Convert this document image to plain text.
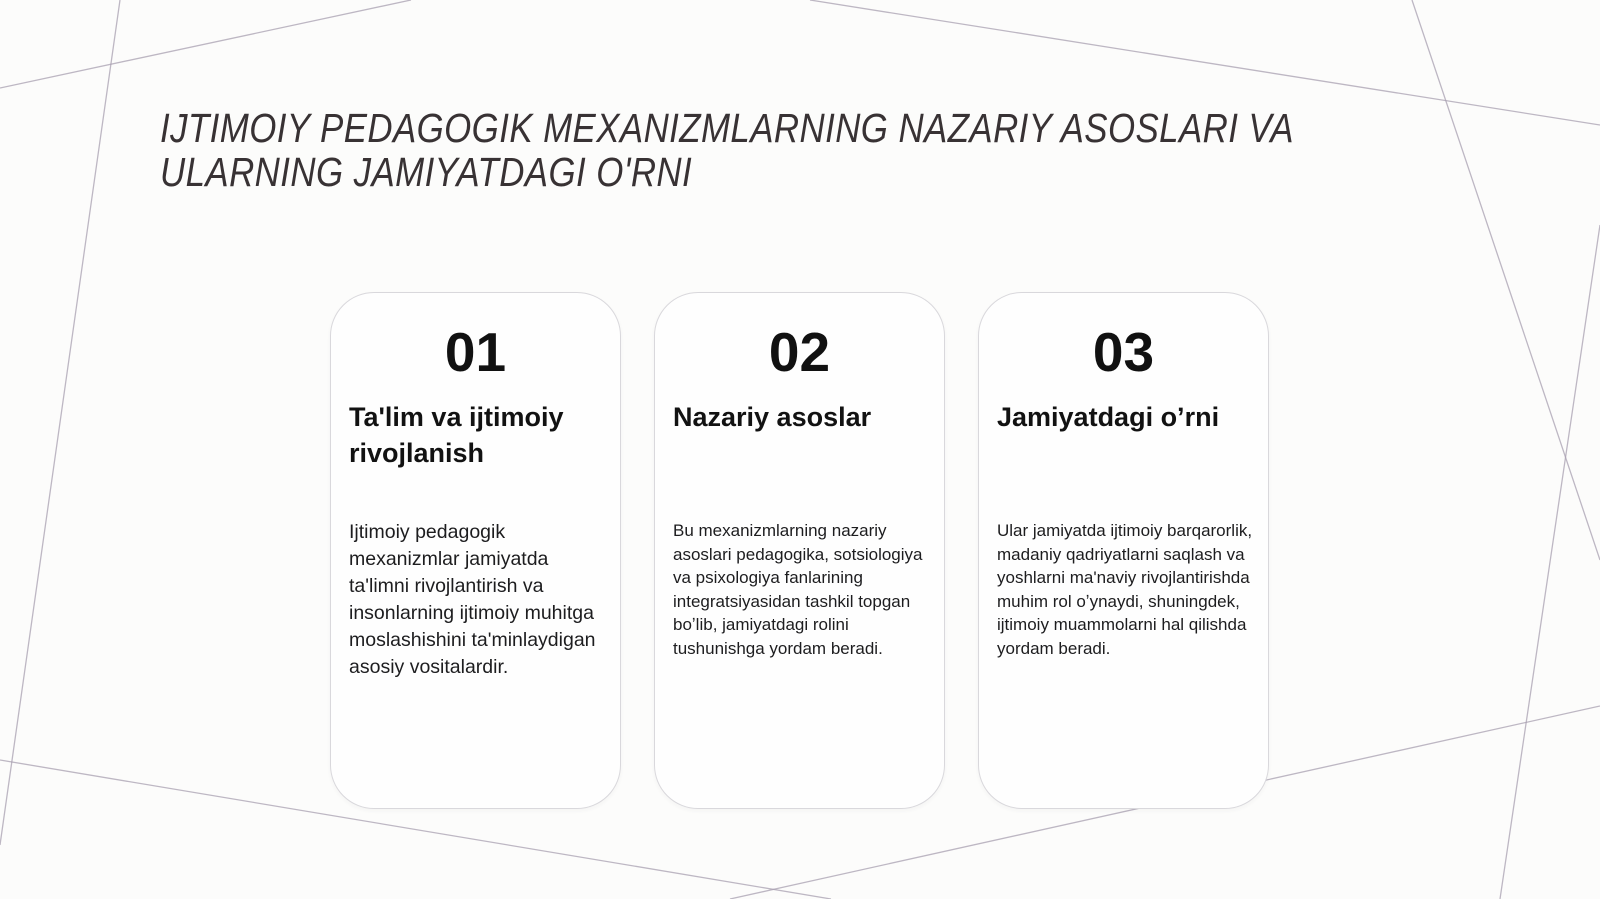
IJTIMOIY PEDAGOGIK MEXANIZMLARNING NAZARIY ASOSLARI VA
ULARNING JAMIYATDAGI O'RNI
01
Ta'lim va ijtimoiy rivojlanish
Ijtimoiy pedagogik mexanizmlar jamiyatda ta'limni rivojlantirish va insonlarning ijtimoiy muhitga moslashishini ta'minlaydigan asosiy vositalardir.
02
Nazariy asoslar
Bu mexanizmlarning nazariy asoslari pedagogika, sotsiologiya va psixologiya fanlarining integratsiyasidan tashkil topgan boʼlib, jamiyatdagi rolini tushunishga yordam beradi.
03
Jamiyatdagi oʼrni
Ular jamiyatda ijtimoiy barqarorlik, madaniy qadriyatlarni saqlash va yoshlarni ma'naviy rivojlantirishda muhim rol oʼynaydi, shuningdek, ijtimoiy muammolarni hal qilishda yordam beradi.
